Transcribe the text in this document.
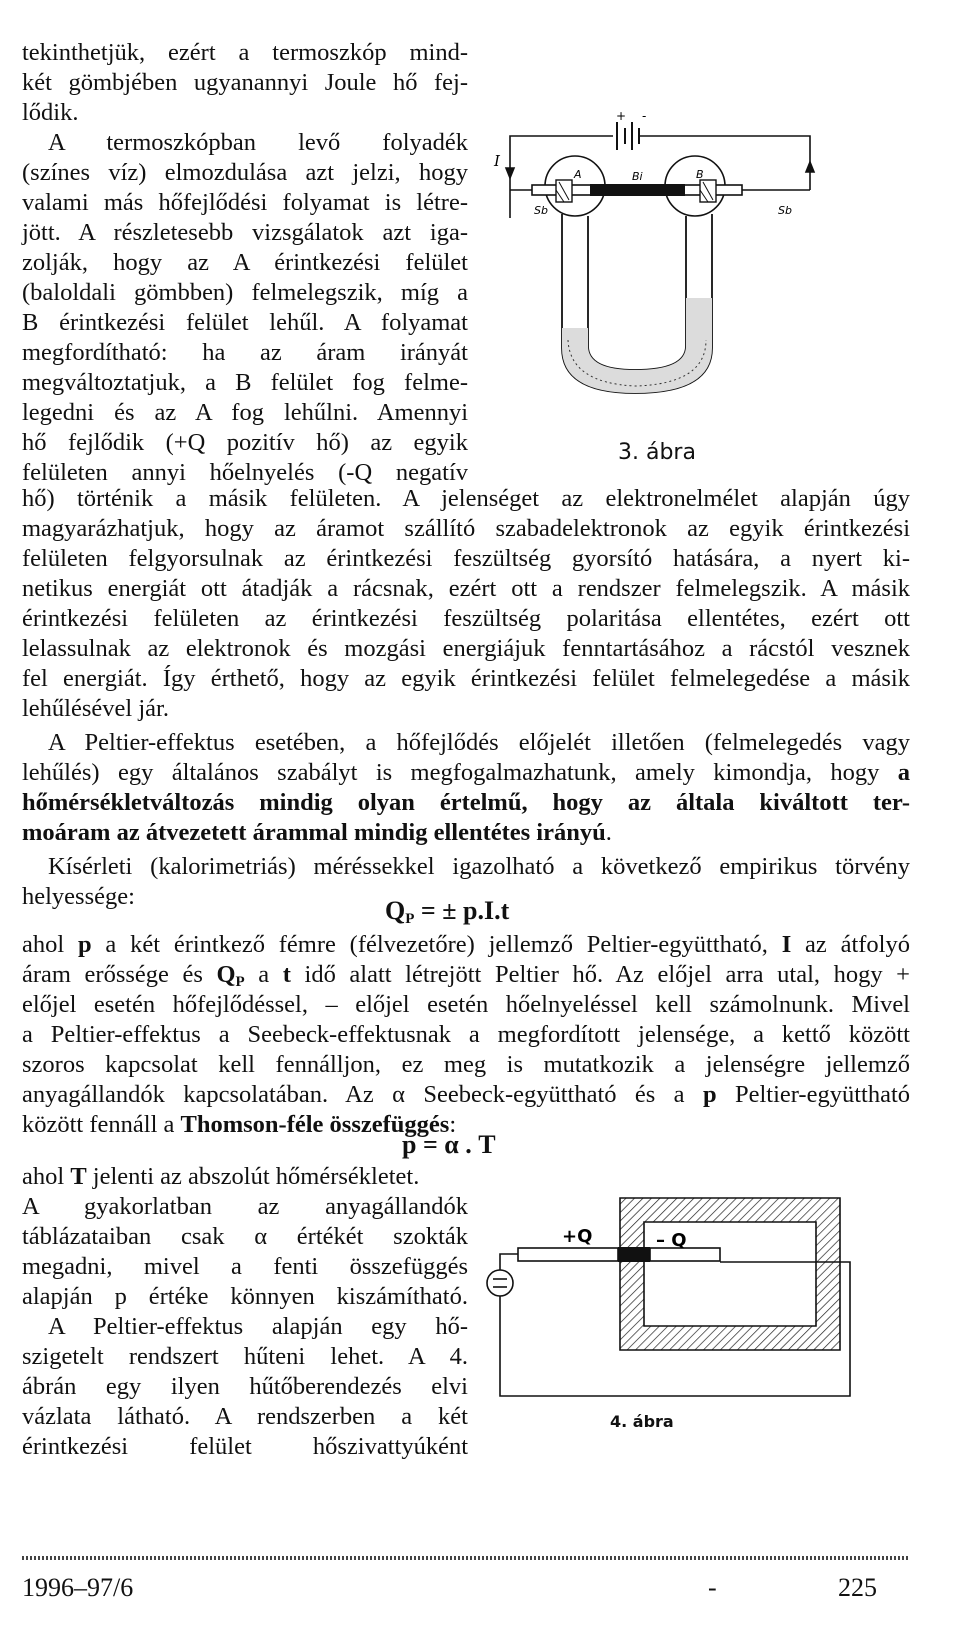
tekinthetjük, ezért a termoszkóp mind-
két gömbjében ugyanannyi Joule hő fej-
lődik.
A termoszkópban levő folyadék
(színes víz) elmozdulása azt jelzi, hogy
valami más hőfejlődési folyamat is létre-
jött. A részletesebb vizsgálatok azt iga-
zolják, hogy az A érintkezési felület
(baloldali gömbben) felmelegszik, míg a
B érintkezési felület lehűl. A folyamat
megfordítható: ha az áram irányát
megváltoztatjuk, a B felület fog felme-
legedni és az A fog lehűlni. Amennyi
hő fejlődik (+Q pozitív hő) az egyik
felületen annyi hőelnyelés (-Q negatív
I
+ -
A	B
Bi
Sb	Sb
3. ábra
hő) történik a másik felületen. A jelenséget az elektronelmélet alapján úgy
magyarázhatjuk, hogy az áramot szállító szabadelektronok az egyik érintkezési
felületen felgyorsulnak az érintkezési feszültség gyorsító hatására, a nyert ki-
netikus energiát ott átadják a rácsnak, ezért ott a rendszer felmelegszik. A másik
érintkezési felületen az érintkezési feszültség polaritása ellentétes, ezért ott
lelassulnak az elektronok és mozgási energiájuk fenntartásához a rácstól vesznek
fel energiát. Így érthető, hogy az egyik érintkezési felület felmelegedése a másik
lehűlésével jár.
A Peltier-effektus esetében, a hőfejlődés előjelét illetően (felmelegedés vagy
lehűlés) egy általános szabályt is megfogalmazhatunk, amely kimondja, hogy a
hőmérsékletváltozás mindig olyan értelmű, hogy az általa kiváltott ter-
moáram az átvezetett árammal mindig ellentétes irányú.
Kísérleti (kalorimetriás) méréssekkel igazolható a következő empirikus törvény
helyessége:	$Q_P$ = ± p.I.t
ahol p a két érintkező fémre (félvezetőre) jellemző Peltier-együttható, I az átfolyó
áram erőssége és $Q_P$ a t idő alatt létrejött Peltier hő. Az előjel arra utal, hogy +
előjel esetén hőfejlődéssel, – előjel esetén hőelnyeléssel kell számolnunk. Mivel
a Peltier-effektus a Seebeck-effektusnak a megfordított jelensége, a kettő között
szoros kapcsolat kell fennálljon, ez meg is mutatkozik a jelenségre jellemző
anyagállandók kapcsolatában. Az α Seebeck-együttható és a p Peltier-együttható
között fennáll a Thomson-féle összefüggés:
p = α . T
ahol T jelenti az abszolút hőmérsékletet.
A gyakorlatban az anyagállandók
táblázataiban csak α értékét szokták
megadni, mivel a fenti összefüggés
alapján p értéke könnyen kiszámítható.
A Peltier-effektus alapján egy hő-
szigetelt rendszert hűteni lehet. A 4.
ábrán egy ilyen hűtőberendezés elvi
vázlata látható. A rendszerben a két
érintkezési felület hőszivattyúként
+Q	– Q
4. ábra
1996–97/6	-	225
